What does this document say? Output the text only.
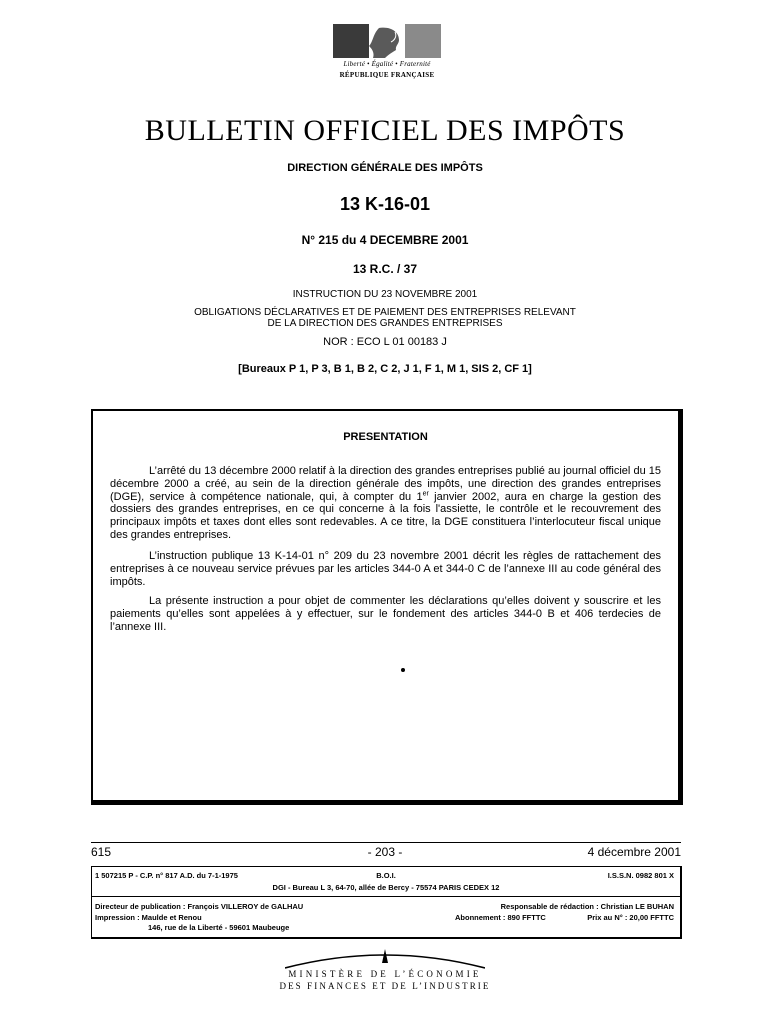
Liberté • Égalité • Fraternité
RÉPUBLIQUE FRANÇAISE
BULLETIN OFFICIEL DES IMPÔTS
DIRECTION GÉNÉRALE DES IMPÔTS
13 K-16-01
N° 215 du 4 DECEMBRE 2001
13 R.C. / 37
INSTRUCTION DU 23 NOVEMBRE 2001
OBLIGATIONS DÉCLARATIVES ET DE PAIEMENT DES ENTREPRISES RELEVANT
DE LA DIRECTION DES GRANDES ENTREPRISES
NOR : ECO L 01 00183 J
[Bureaux P 1, P 3, B 1, B 2, C 2, J 1, F 1, M 1, SIS 2, CF 1]
PRESENTATION

L’arrêté du 13 décembre 2000 relatif à la direction des grandes entreprises publié au journal officiel du 15 décembre 2000 a créé, au sein de la direction générale des impôts, une direction des grandes entreprises (DGE), service à compétence nationale, qui, à compter du 1er janvier 2002, aura en charge la gestion des dossiers des grandes entreprises, en ce qui concerne à la fois l'assiette, le contrôle et le recouvrement des principaux impôts et taxes dont elles sont redevables. A ce titre, la DGE constituera l’interlocuteur fiscal unique des grandes entreprises.

L’instruction publique 13 K-14-01 n° 209 du 23 novembre 2001 décrit les règles de rattachement des entreprises à ce nouveau service prévues par les articles 344-0 A et 344-0 C de l’annexe III au code général des impôts.

La présente instruction a pour objet de commenter les déclarations qu’elles doivent y souscrire et les paiements qu’elles sont appelées à y effectuer, sur le fondement des articles 344-0 B et 406 terdecies de l’annexe III.

615	- 203 -	4 décembre 2001
1 507215 P - C.P. n° 817 A.D. du 7-1-1975	B.O.I.	I.S.S.N. 0982 801 X
DGI - Bureau L 3, 64-70, allée de Bercy - 75574 PARIS CEDEX 12
Directeur de publication : François VILLEROY de GALHAU	Responsable de rédaction : Christian LE BUHAN
Impression : Maulde et Renou	Abonnement : 890 FFTTC	Prix au N° : 20,00 FFTTC
146, rue de la Liberté - 59601 Maubeuge
MINISTÈRE DE L’ÉCONOMIE
DES FINANCES ET DE L’INDUSTRIE
